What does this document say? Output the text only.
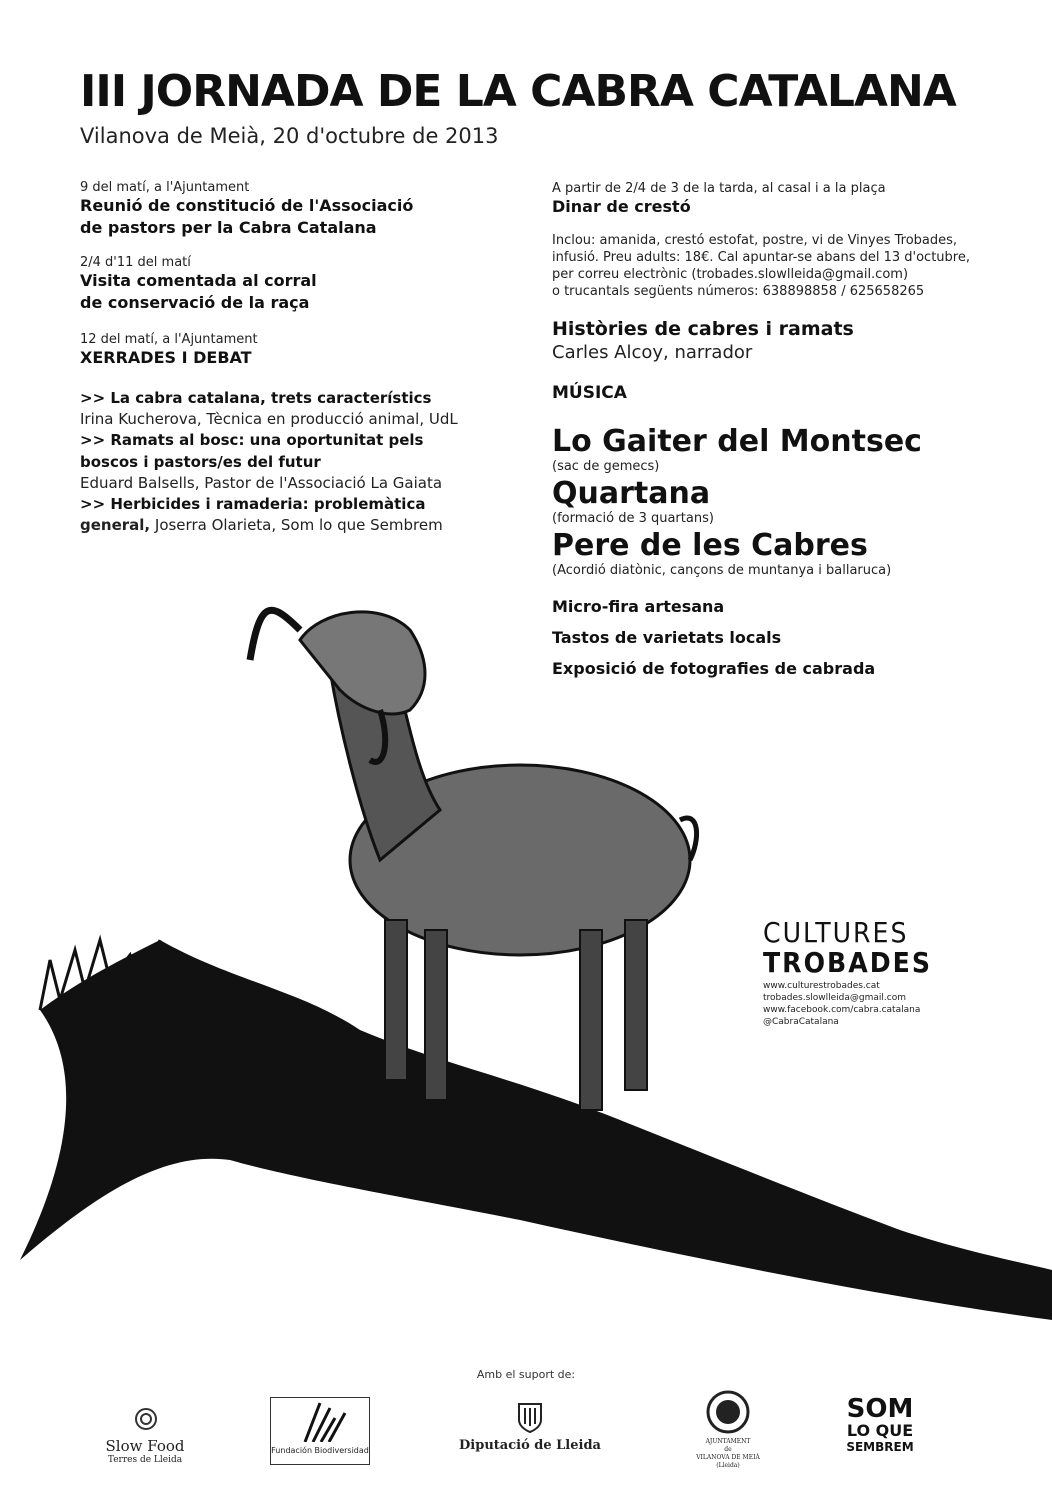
III JORNADA DE LA CABRA CATALANA
Vilanova de Meià, 20 d'octubre de 2013

9 del matí, a l'Ajuntament

Reunió de constitució de l'Associació

de pastors per la Cabra Catalana

2/4 d'11 del matí

Visita comentada al corral

de conservació de la raça

12 del matí, a l'Ajuntament

XERRADES I DEBAT

>> La cabra catalana, trets característics

Irina Kucherova, Tècnica en producció animal, UdL

>> Ramats al bosc: una oportunitat pels

boscos i pastors/es del futur

Eduard Balsells, Pastor de l'Associació La Gaiata

>> Herbicides i ramaderia: problemàtica

general, Joserra Olarieta, Som lo que Sembrem

A partir de 2/4 de 3 de la tarda, al casal i a la plaça

Dinar de crestó

Inclou: amanida, crestó estofat, postre, vi de Vinyes Trobades,

infusió. Preu adults: 18€. Cal apuntar-se abans del 13 d'octubre,

per correu electrònic (trobades.slowlleida@gmail.com)

o trucantals següents números: 638898858 / 625658265

Històries de cabres i ramats

Carles Alcoy, narrador

MÚSICA

Lo Gaiter del Montsec

(sac de gemecs)

Quartana

(formació de 3 quartans)

Pere de les Cabres

(Acordió diatònic, cançons de muntanya i ballaruca)

Micro-fira artesana

Tastos de varietats locals

Exposició de fotografies de cabrada

CULTURES
TROBADES
www.culturestrobades.cat
trobades.slowlleida@gmail.com
www.facebook.com/cabra.catalana
@CabraCatalana
CABRA
CATALANA
Amb el suport de:
Slow Food
Terres de Lleida
Fundación Biodiversidad	Diputació de Lleida	AJUNTAMENT
de
VILANOVA DE MEIÀ
(Lleida)
SOM
LO QUE
SEMBREM
